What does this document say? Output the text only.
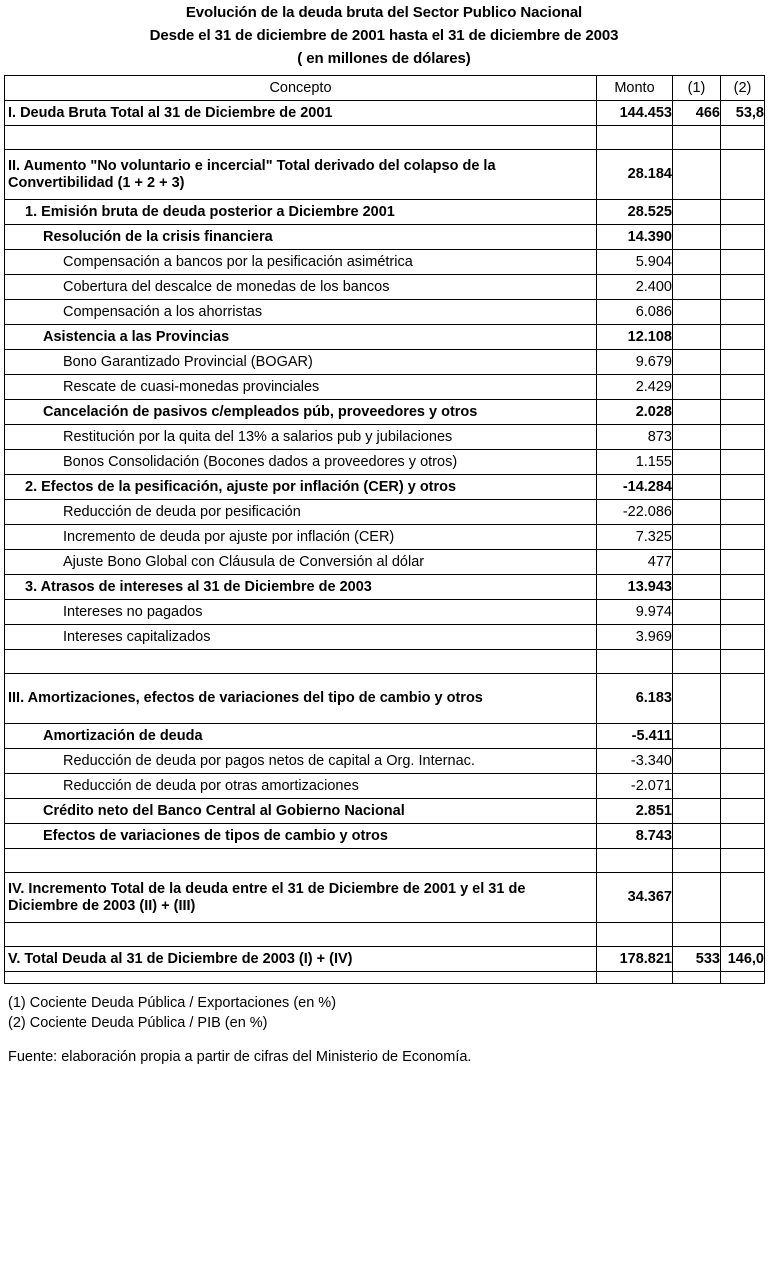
Evolución de la deuda bruta del Sector Publico Nacional
Desde el 31 de diciembre de 2001 hasta el 31 de diciembre de 2003
( en millones de dólares)
Concepto	Monto	(1)	(2)
I. Deuda Bruta Total al 31 de Diciembre de 2001	144.453	466	53,8

II. Aumento "No voluntario e incercial" Total derivado del colapso de la Convertibilidad (1 + 2 + 3)	28.184		
1. Emisión bruta de deuda posterior a Diciembre 2001	28.525		
Resolución de la crisis financiera	14.390		
Compensación a bancos por la pesificación asimétrica	5.904		
Cobertura del descalce de monedas de los bancos	2.400		
Compensación a los ahorristas	6.086		
Asistencia a las Provincias	12.108		
Bono Garantizado Provincial (BOGAR)	9.679		
Rescate de cuasi-monedas provinciales	2.429		
Cancelación de pasivos c/empleados púb, proveedores y otros	2.028		
Restitución por la quita del 13% a salarios pub y jubilaciones	873		
Bonos Consolidación (Bocones dados a proveedores y otros)	1.155		
2. Efectos de la pesificación, ajuste por inflación (CER) y otros	-14.284		
Reducción de deuda por pesificación	-22.086		
Incremento de deuda por ajuste por inflación (CER)	7.325		
Ajuste Bono Global con Cláusula de Conversión al dólar	477		
3. Atrasos de intereses al 31 de Diciembre de 2003	13.943		
Intereses no pagados	9.974		
Intereses capitalizados	3.969		

III. Amortizaciones, efectos de variaciones del tipo de cambio y otros	6.183		
Amortización de deuda	-5.411		
Reducción de deuda por pagos netos de capital a Org. Internac.	-3.340		
Reducción de deuda por otras amortizaciones	-2.071		
Crédito neto del Banco Central al Gobierno Nacional	2.851		
Efectos de variaciones de tipos de cambio y otros	8.743		

IV. Incremento Total de la deuda entre el 31 de Diciembre de 2001 y el 31 de Diciembre de 2003 (II) + (III)	34.367		

V. Total Deuda al 31 de Diciembre de 2003 (I) + (IV)	178.821	533	146,0

(1) Cociente Deuda Pública / Exportaciones (en %)
(2) Cociente Deuda Pública / PIB (en %)
Fuente: elaboración propia a partir de cifras del Ministerio de Economía.
